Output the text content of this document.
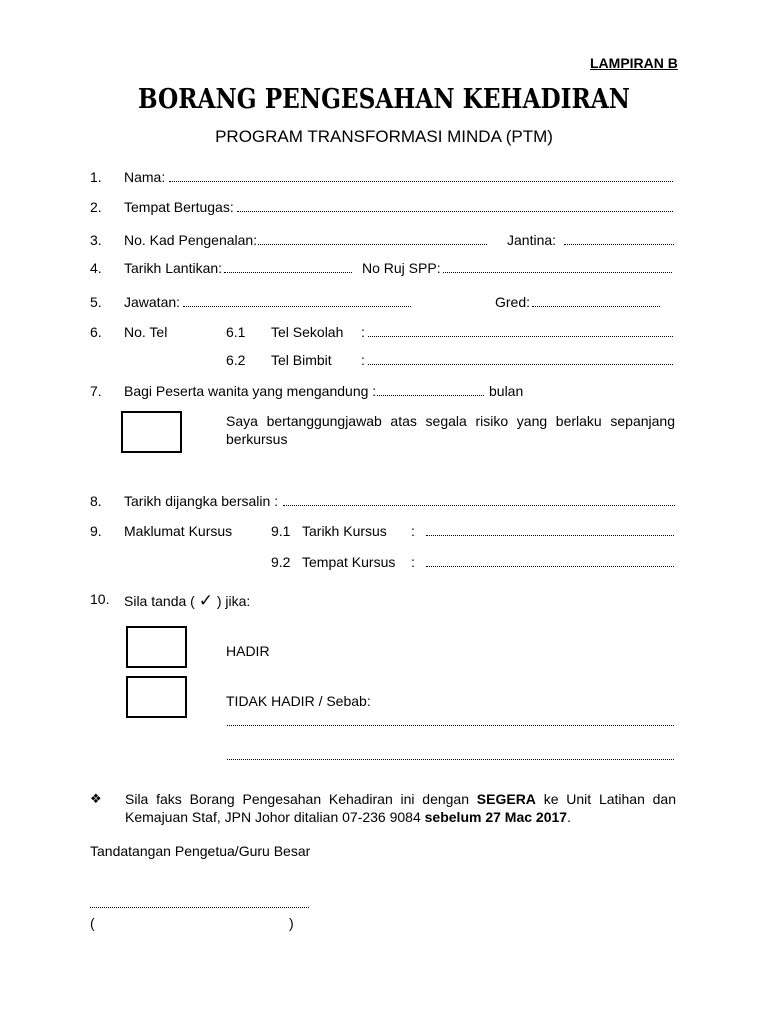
LAMPIRAN B
BORANG PENGESAHAN KEHADIRAN
PROGRAM TRANSFORMASI MINDA (PTM)
1. Nama:
2. Tempat Bertugas:
3. No. Kad Pengenalan:	Jantina:
4. Tarikh Lantikan:	No Ruj SPP:
5. Jawatan:	Gred:
6. No. Tel	6.1 Tel Sekolah :
6.2 Tel Bimbit :
7. Bagi Peserta wanita yang mengandung :	bulan
Saya bertanggungjawab atas segala risiko yang berlaku sepanjang berkursus
8. Tarikh dijangka bersalin :
9. Maklumat Kursus	9.1 Tarikh Kursus :
9.2 Tempat Kursus :
10. Sila tanda ( ✓ ) jika:
HADIR
TIDAK HADIR / Sebab:
❖ Sila faks Borang Pengesahan Kehadiran ini dengan SEGERA ke Unit Latihan dan Kemajuan Staf, JPN Johor ditalian 07-236 9084 sebelum 27 Mac 2017.
Tandatangan Pengetua/Guru Besar
(	)
